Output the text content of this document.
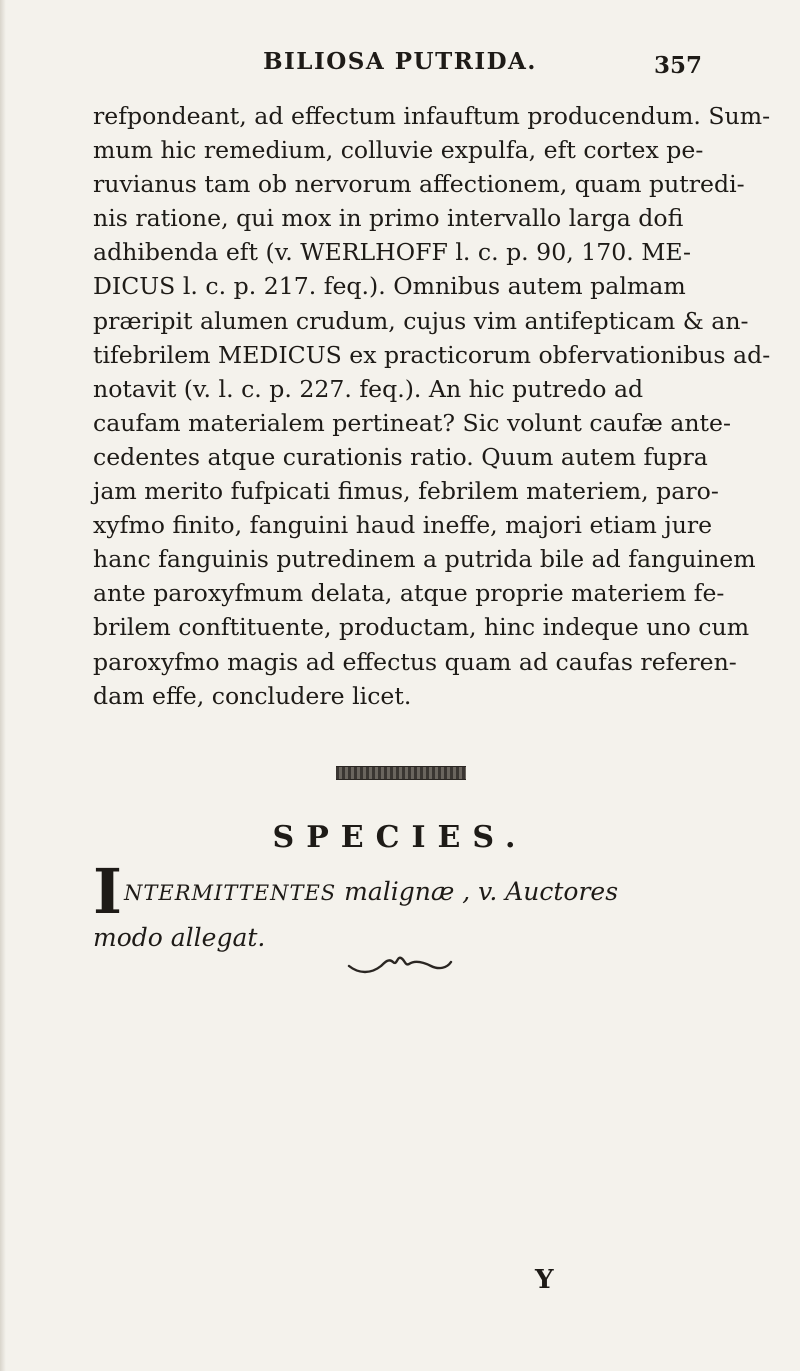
BILIOSA PUTRIDA.	357
refpondeant, ad effectum infauftum producendum. Sum-
mum hic remedium, colluvie expulfa, eft cortex pe-
ruvianus tam ob nervorum affectionem, quam putredi-
nis ratione, qui mox in primo intervallo larga dofi
adhibenda eft (v. WERLHOFF l. c. p. 90, 170. ME-
DICUS l. c. p. 217. feq.). Omnibus autem palmam
præripit alumen crudum, cujus vim antifepticam & an-
tifebrilem MEDICUS ex practicorum obfervationibus ad-
notavit (v. l. c. p. 227. feq.). An hic putredo ad
caufam materialem pertineat? Sic volunt caufæ ante-
cedentes atque curationis ratio. Quum autem fupra
jam merito fufpicati fimus, febrilem materiem, paro-
xyfmo finito, fanguini haud ineffe, majori etiam jure
hanc fanguinis putredinem a putrida bile ad fanguinem
ante paroxyfmum delata, atque proprie materiem fe-
brilem conftituente, productam, hinc indeque uno cum
paroxyfmo magis ad effectus quam ad caufas referen-
dam effe, concludere licet.
SPECIES.
I NTERMITTENTES malignæ , v. Auctores
modo allegat.
Y
